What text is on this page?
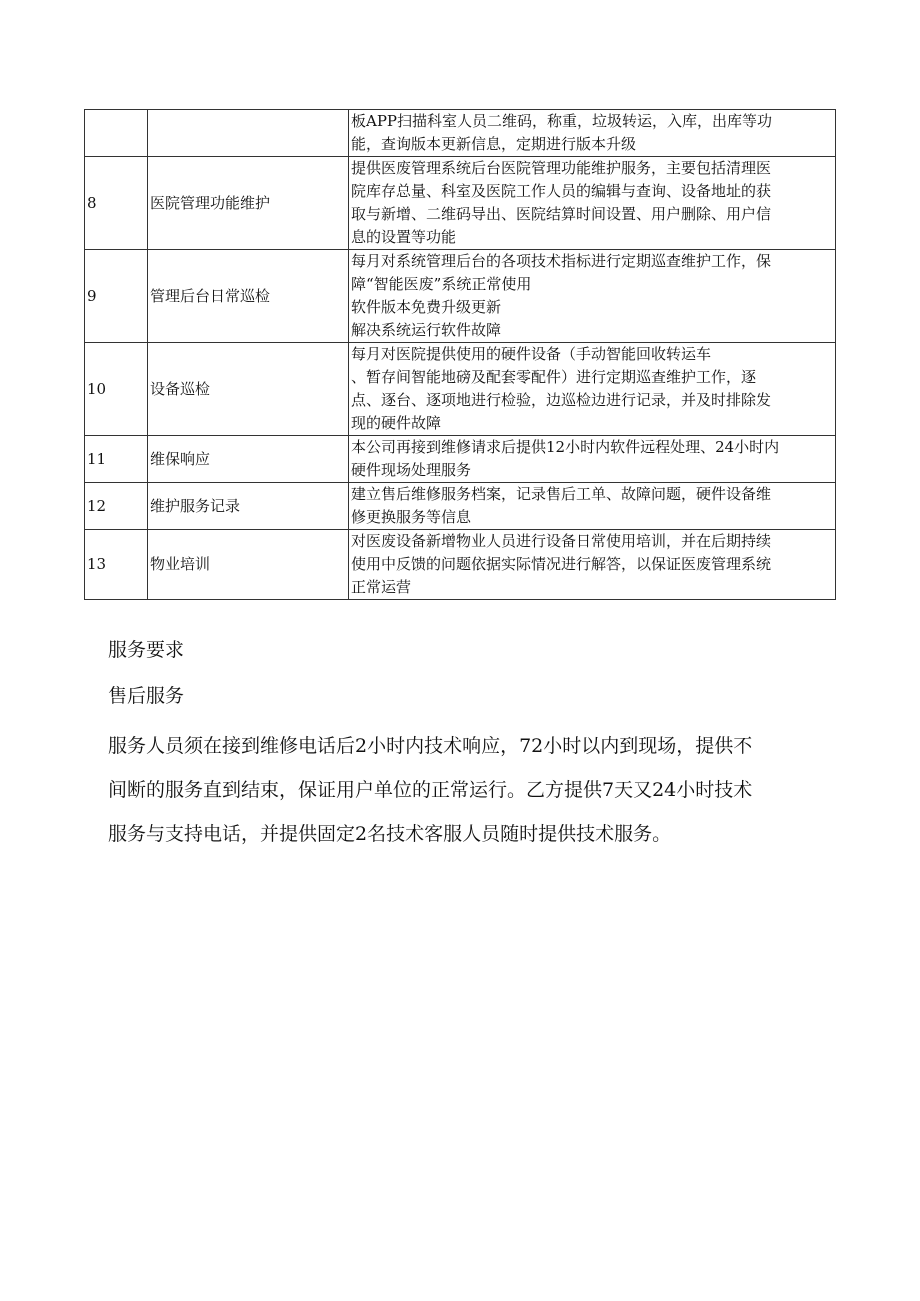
		板APP扫描科室人员二维码，称重，垃圾转运，入库，出库等功
能，查询版本更新信息，定期进行版本升级

8	医院管理功能维护	提供医废管理系统后台医院管理功能维护服务，主要包括清理医
院库存总量、科室及医院工作人员的编辑与查询、设备地址的获
取与新增、二维码导出、医院结算时间设置、用户删除、用户信
息的设置等功能

9	管理后台日常巡检	每月对系统管理后台的各项技术指标进行定期巡查维护工作，保
障“智能医废”系统正常使用
软件版本免费升级更新
解决系统运行软件故障

10	设备巡检	每月对医院提供使用的硬件设备（手动智能回收转运车
、暂存间智能地磅及配套零配件）进行定期巡查维护工作，逐
点、逐台、逐项地进行检验，边巡检边进行记录，并及时排除发
现的硬件故障

11	维保响应	本公司再接到维修请求后提供12小时内软件远程处理、24小时内
硬件现场处理服务

12	维护服务记录	建立售后维修服务档案，记录售后工单、故障问题，硬件设备维
修更换服务等信息

13	物业培训	对医废设备新增物业人员进行设备日常使用培训，并在后期持续
使用中反馈的问题依据实际情况进行解答，以保证医废管理系统
正常运营
服务要求
售后服务
服务人员须在接到维修电话后2小时内技术响应，72小时以内到现场，提供不
间断的服务直到结束，保证用户单位的正常运行。乙方提供7天又24小时技术
服务与支持电话，并提供固定2名技术客服人员随时提供技术服务。
